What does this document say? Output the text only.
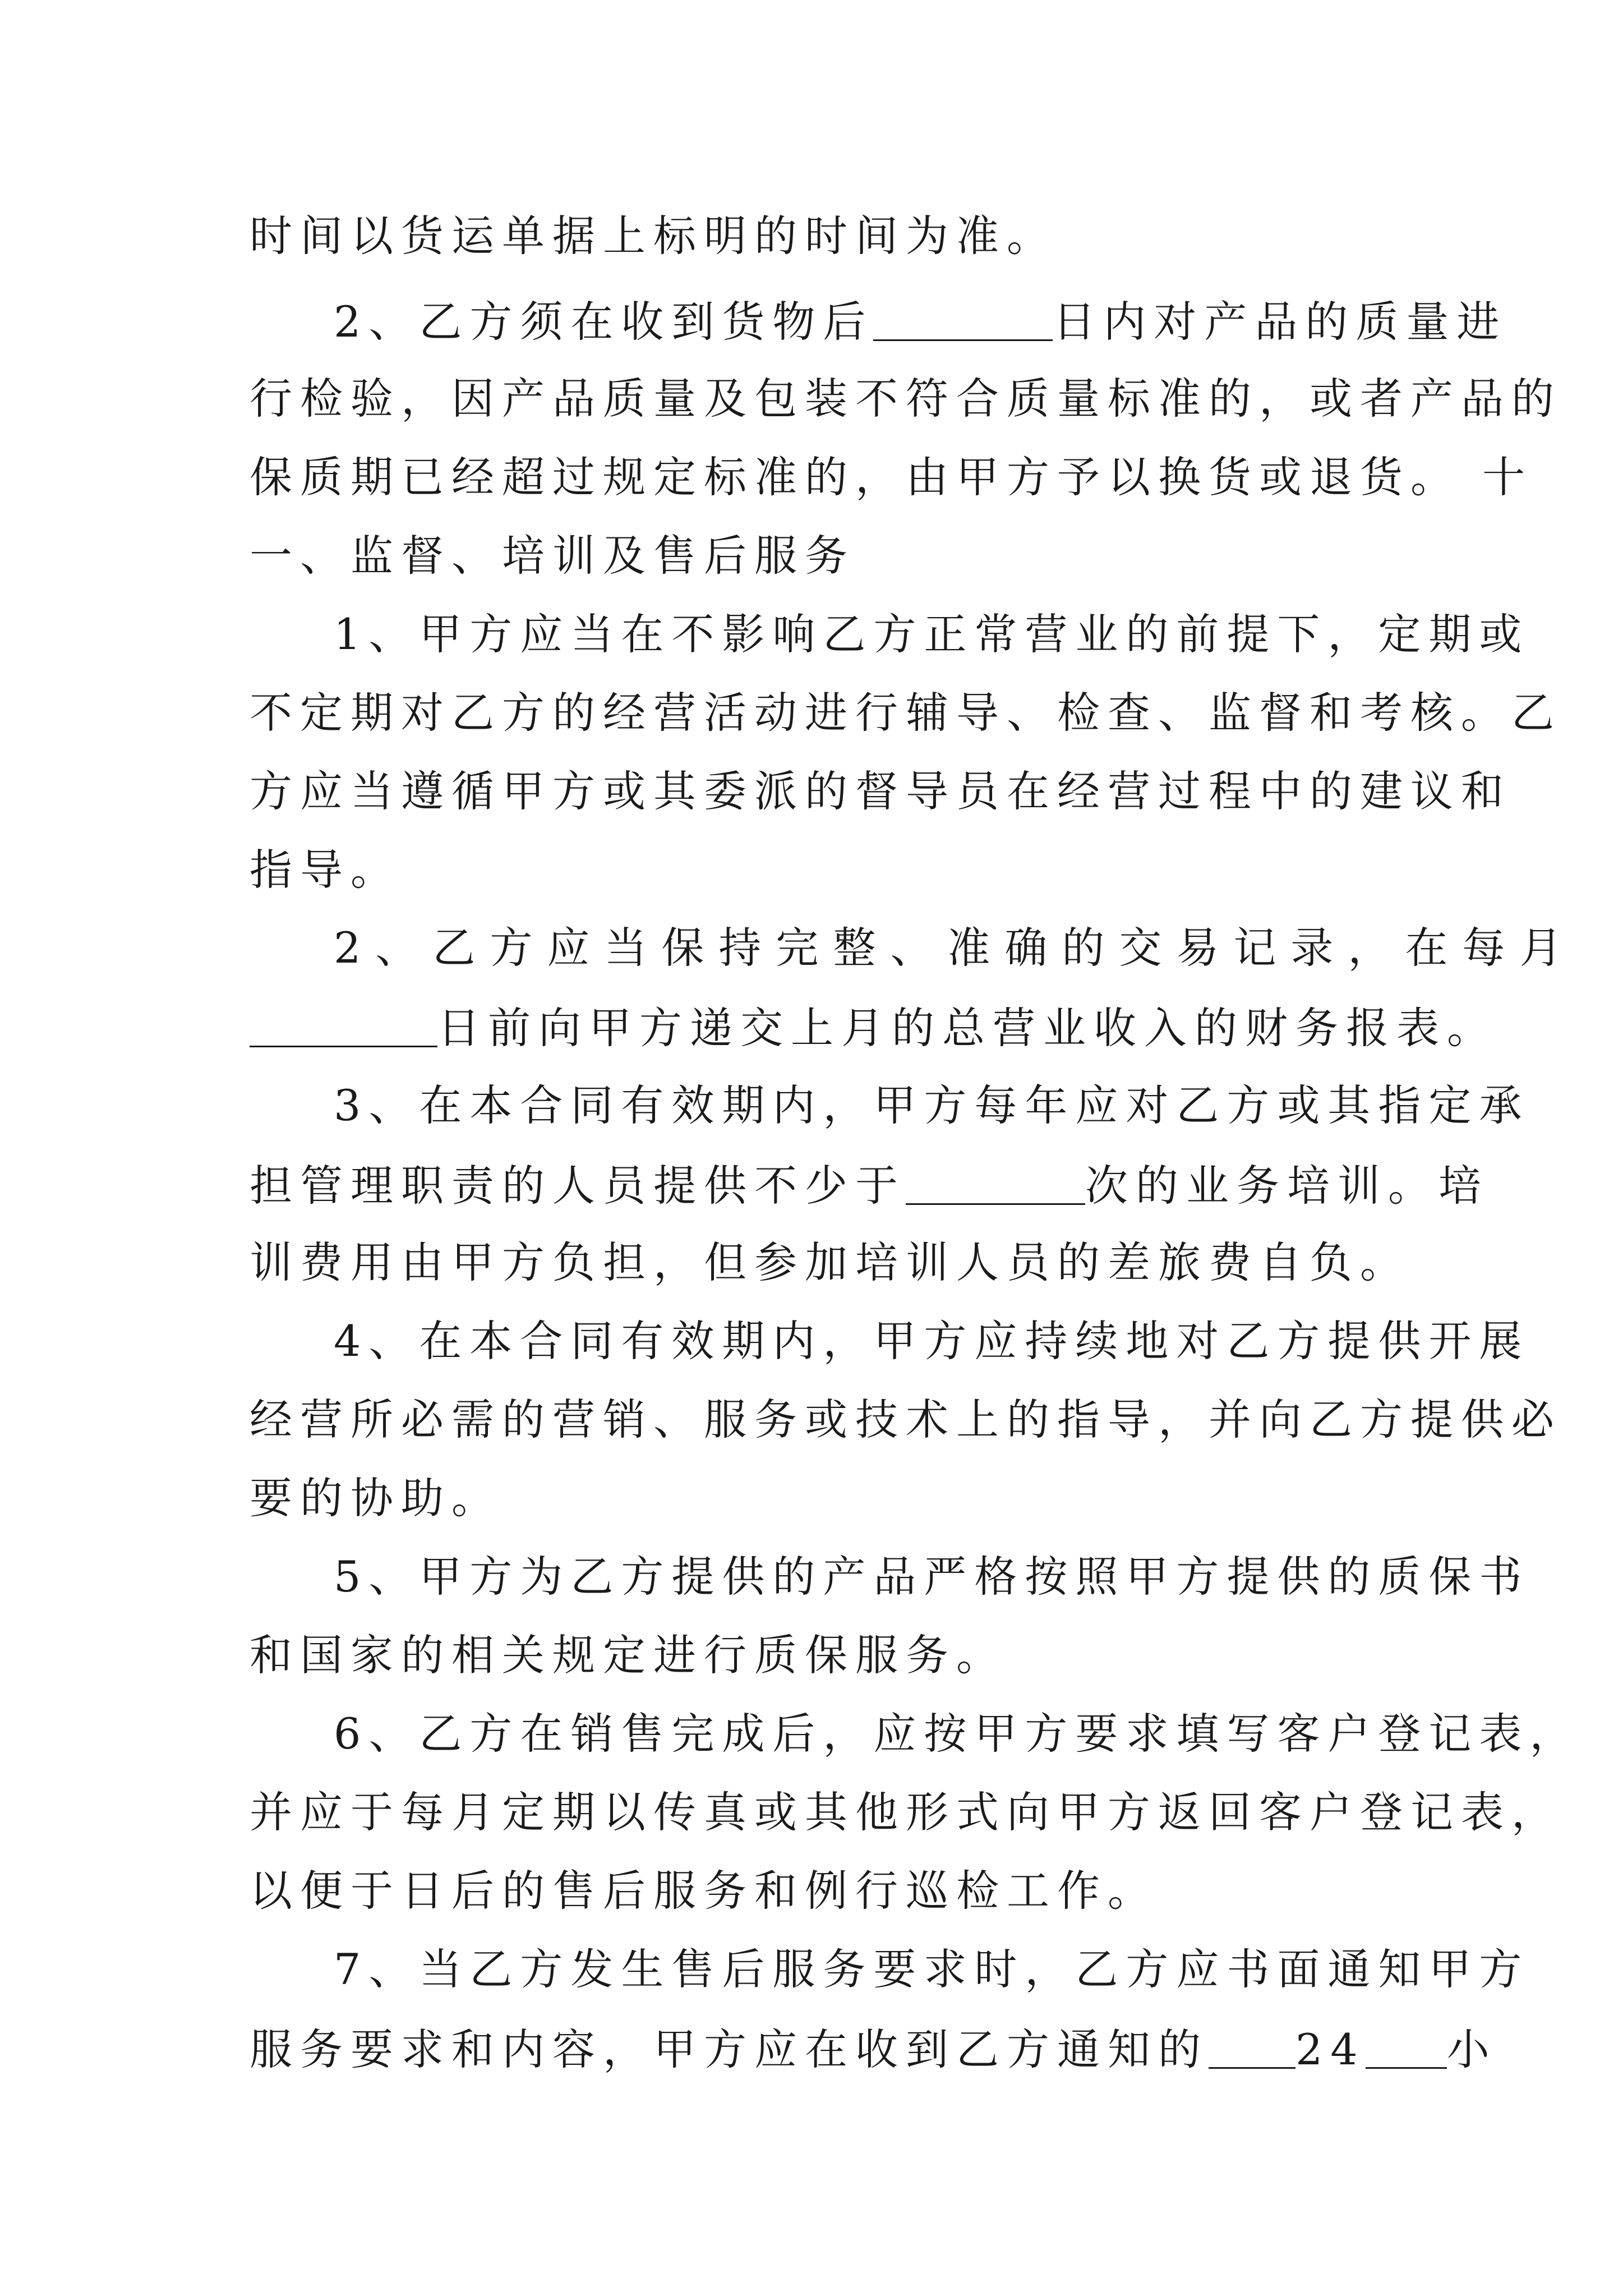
时间以货运单据上标明的时间为准。
2、乙方须在收到货物后	日内对产品的质量进
行检验，因产品质量及包装不符合质量标准的，或者产品的
保质期已经超过规定标准的，由甲方予以换货或退货。 十
一、监督、培训及售后服务
1、甲方应当在不影响乙方正常营业的前提下，定期或
不定期对乙方的经营活动进行辅导、检查、监督和考核。乙
方应当遵循甲方或其委派的督导员在经营过程中的建议和
指导。
2、乙方应当保持完整、准确的交易记录，在每月
日前向甲方递交上月的总营业收入的财务报表。
3、在本合同有效期内，甲方每年应对乙方或其指定承
担管理职责的人员提供不少于	次的业务培训。培
训费用由甲方负担，但参加培训人员的差旅费自负。
4、在本合同有效期内，甲方应持续地对乙方提供开展
经营所必需的营销、服务或技术上的指导，并向乙方提供必
要的协助。
5、甲方为乙方提供的产品严格按照甲方提供的质保书
和国家的相关规定进行质保服务。
6、乙方在销售完成后，应按甲方要求填写客户登记表，
并应于每月定期以传真或其他形式向甲方返回客户登记表，
以便于日后的售后服务和例行巡检工作。
7、当乙方发生售后服务要求时，乙方应书面通知甲方
服务要求和内容，甲方应在收到乙方通知的 24 小
